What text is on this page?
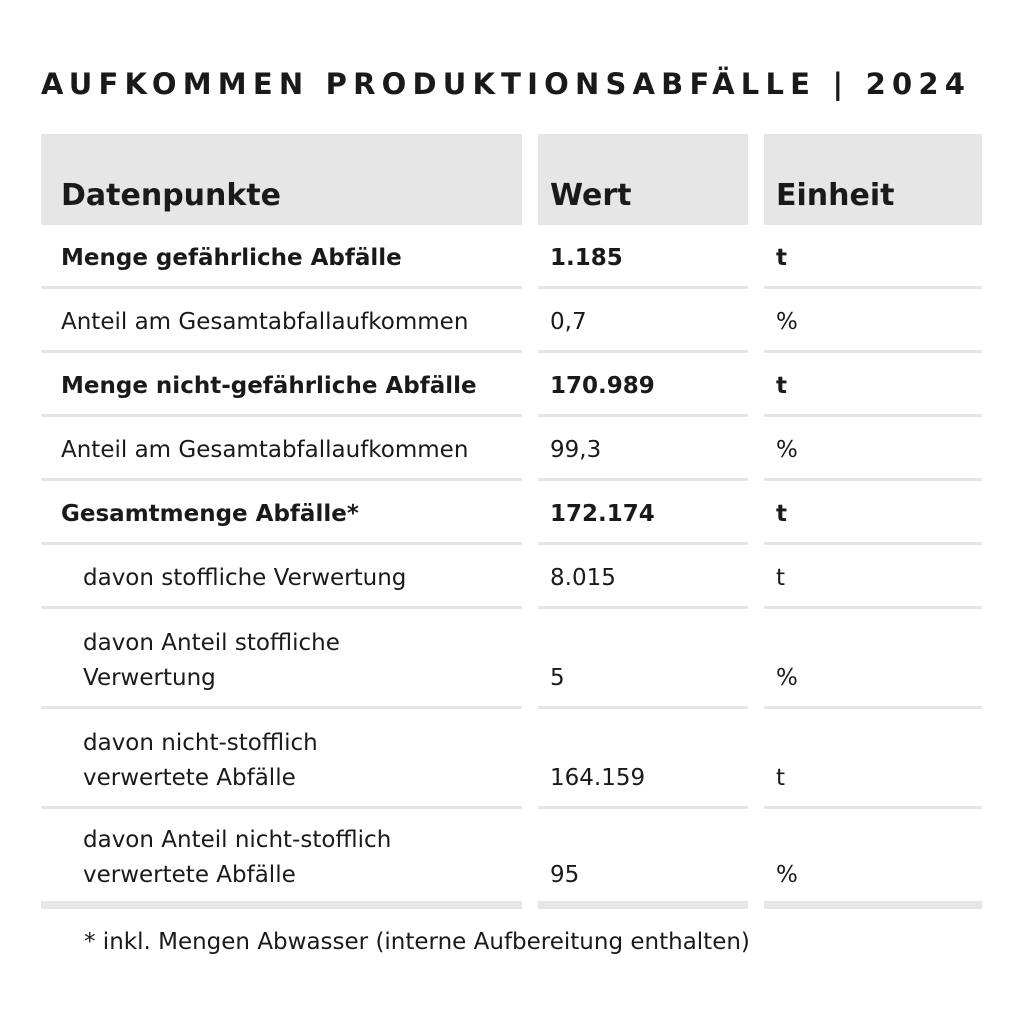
AUFKOMMEN PRODUKTIONSABFÄLLE | 2024
Datenpunkte
Menge gefährliche Abfälle
Anteil am Gesamtabfallaufkommen
Menge nicht-gefährliche Abfälle
Anteil am Gesamtabfallaufkommen
Gesamtmenge Abfälle*
davon stoffliche Verwertung
davon Anteil stoffliche
Verwertung
davon nicht-stofflich
verwertete Abfälle
davon Anteil nicht-stofflich
verwertete Abfälle
Wert
1.185
0,7
170.989
99,3
172.174
8.015
5
164.159
95
Einheit
t
%
t
%
t
t
%
t
%
* inkl. Mengen Abwasser (interne Aufbereitung enthalten)
